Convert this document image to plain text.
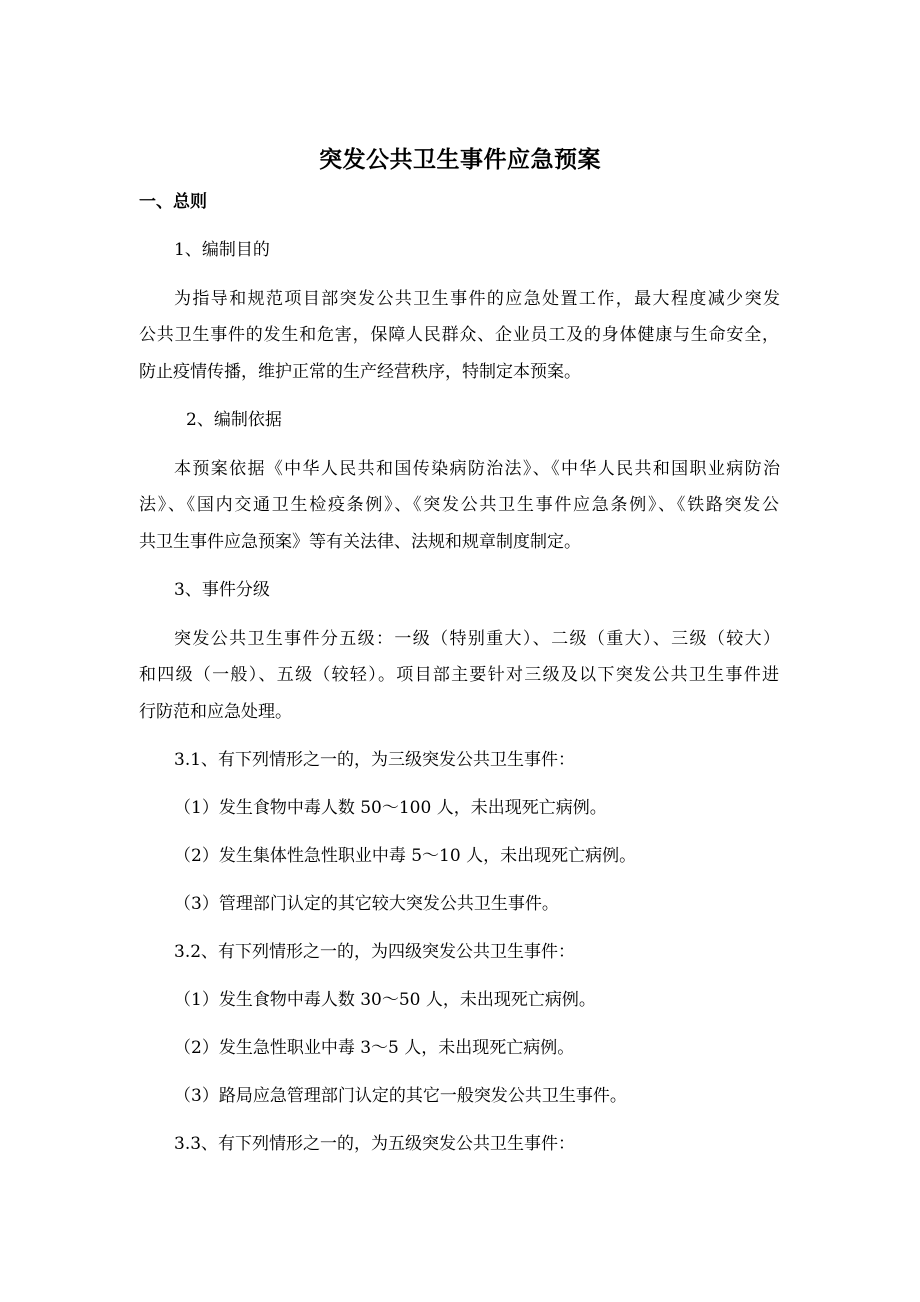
突发公共卫生事件应急预案
一、总则
1、编制目的
为指导和规范项目部突发公共卫生事件的应急处置工作，最大程度减少突发
公共卫生事件的发生和危害，保障人民群众、企业员工及的身体健康与生命安全，
防止疫情传播，维护正常的生产经营秩序，特制定本预案。
2、编制依据
本预案依据《中华人民共和国传染病防治法》、《中华人民共和国职业病防治
法》、《国内交通卫生检疫条例》、《突发公共卫生事件应急条例》、《铁路突发公
共卫生事件应急预案》等有关法律、法规和规章制度制定。
3、事件分级
突发公共卫生事件分五级：一级（特别重大）、二级（重大）、三级（较大）
和四级（一般）、五级（较轻）。项目部主要针对三级及以下突发公共卫生事件进
行防范和应急处理。
3.1、有下列情形之一的，为三级突发公共卫生事件：
（1）发生食物中毒人数 50～100 人，未出现死亡病例。
（2）发生集体性急性职业中毒 5～10 人，未出现死亡病例。
（3）管理部门认定的其它较大突发公共卫生事件。
3.2、有下列情形之一的，为四级突发公共卫生事件：
（1）发生食物中毒人数 30～50 人，未出现死亡病例。
（2）发生急性职业中毒 3～5 人，未出现死亡病例。
（3）路局应急管理部门认定的其它一般突发公共卫生事件。
3.3、有下列情形之一的，为五级突发公共卫生事件：
